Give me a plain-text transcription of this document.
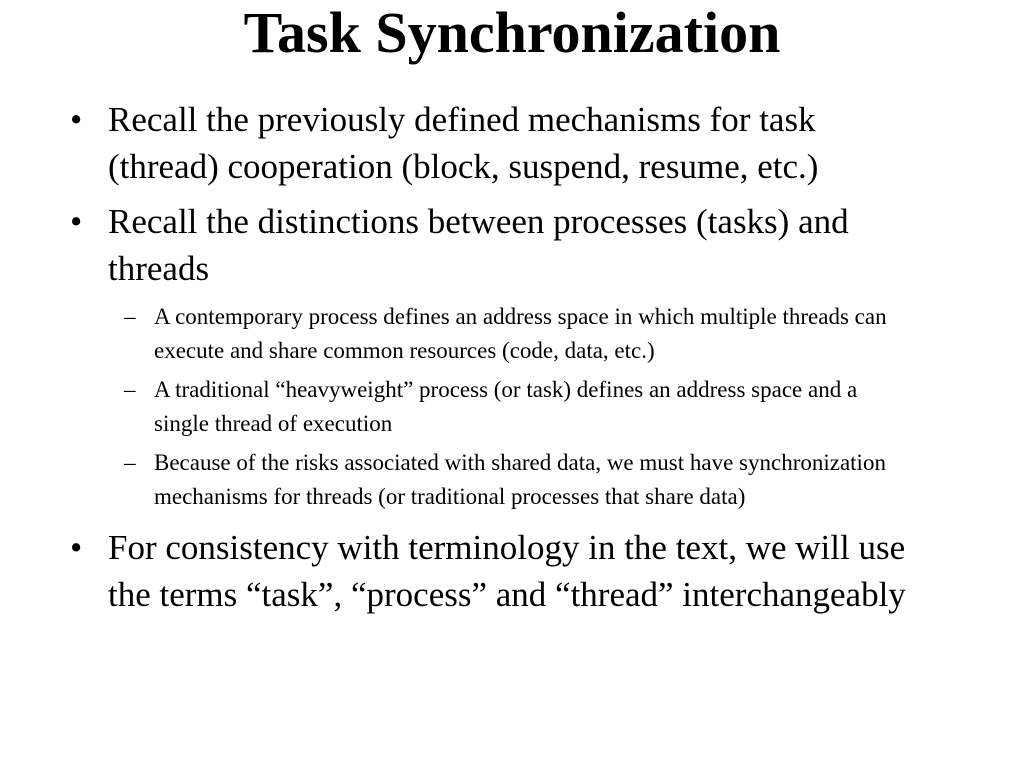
Task Synchronization
• Recall the previously defined mechanisms for task (thread) cooperation (block, suspend, resume, etc.)
• Recall the distinctions between processes (tasks) and threads
– A contemporary process defines an address space in which multiple threads can execute and share common resources (code, data, etc.)
– A traditional “heavyweight” process (or task) defines an address space and a single thread of execution
– Because of the risks associated with shared data, we must have synchronization mechanisms for threads (or traditional processes that share data)
• For consistency with terminology in the text, we will use the terms “task”, “process” and “thread” interchangeably
